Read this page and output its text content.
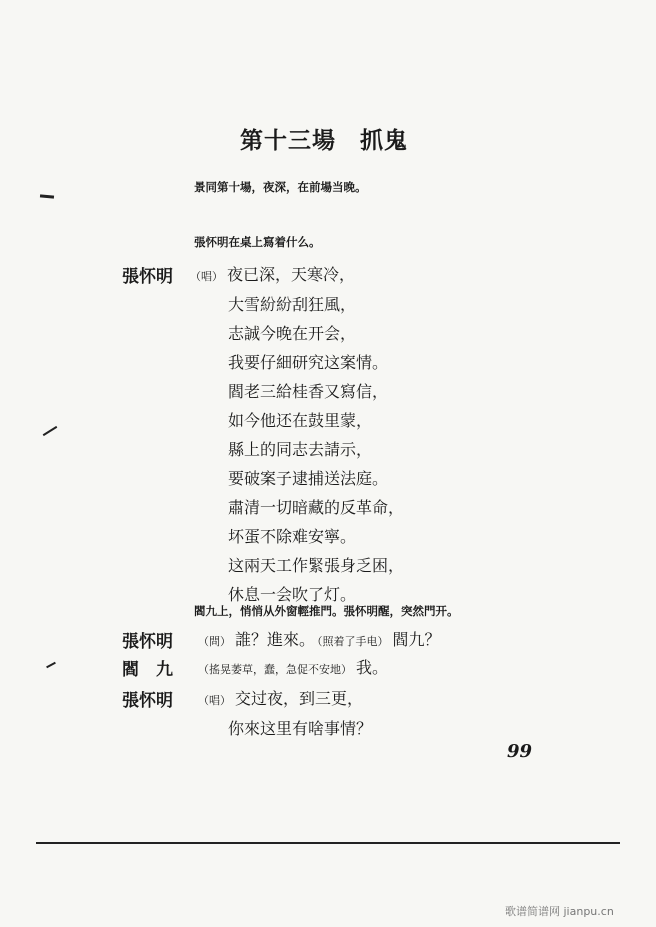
第十三場　抓鬼
景同第十場，夜深，在前場当晚。
張怀明在桌上寫着什么。
張怀明 （唱） 夜已深，天寒冷，
大雪紛紛刮狂風，
志誠今晚在开会，
我要仔細研究这案情。
閻老三給桂香又寫信，
如今他还在鼓里蒙，
縣上的同志去請示，
要破案子逮捕送法庭。
肅清一切暗藏的反革命，
坏蛋不除难安寧。
这兩天工作緊張身乏困，
休息一会吹了灯。
閻九上，悄悄从外窗輕推門。張怀明醒，突然門开。
張怀明 （問） 誰？進來。 （照着了手电） 閻九？
閻　九 （搖晃萎草，蠢，急促不安地） 我。
張怀明 （唱） 交过夜，到三更，
你來这里有啥事情？
99
歌谱简谱网 jianpu.cn
